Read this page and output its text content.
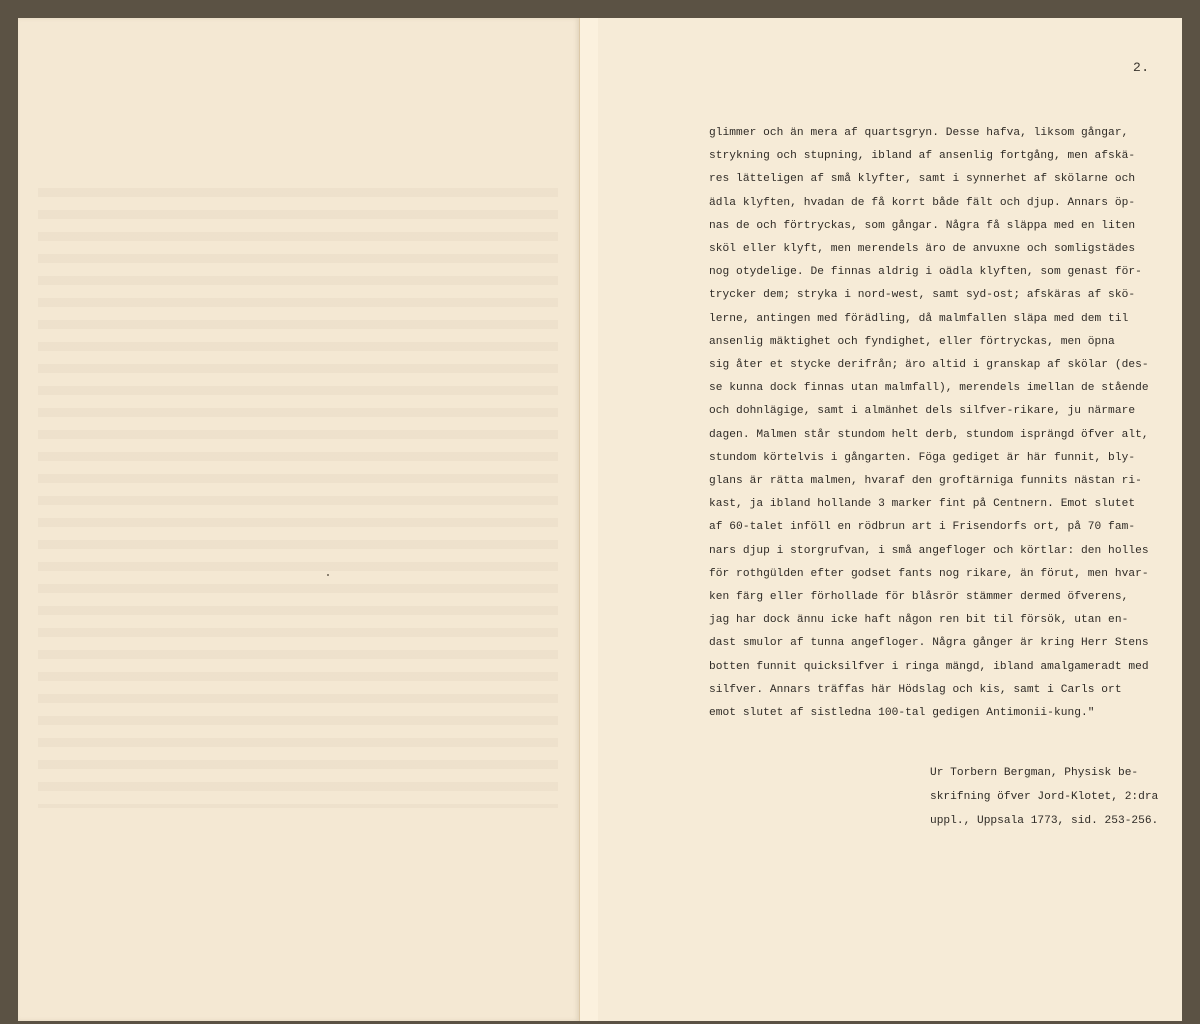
2.
glimmer och än mera af quartsgryn. Desse hafva, liksom gångar,
strykning och stupning, ibland af ansenlig fortgång, men afskä-
res lätteligen af små klyfter, samt i synnerhet af skölarne och
ädla klyften, hvadan de få korrt både fält och djup. Annars öp-
nas de och förtryckas, som gångar. Några få släppa med en liten
sköl eller klyft, men merendels äro de anvuxne och somligstädes
nog otydelige. De finnas aldrig i oädla klyften, som genast för-
trycker dem; stryka i nord-west, samt syd-ost; afskäras af skö-
lerne, antingen med förädling, då malmfallen släpa med dem til
ansenlig mäktighet och fyndighet, eller förtryckas, men öpna
sig åter et stycke derifrån; äro altid i granskap af skölar (des-
se kunna dock finnas utan malmfall), merendels imellan de stående
och dohnlägige, samt i almänhet dels silfver-rikare, ju närmare
dagen. Malmen står stundom helt derb, stundom isprängd öfver alt,
stundom körtelvis i gångarten. Föga gediget är här funnit, bly-
glans är rätta malmen, hvaraf den groftärniga funnits nästan ri-
kast, ja ibland hollande 3 marker fint på Centnern. Emot slutet
af 60-talet inföll en rödbrun art i Frisendorfs ort, på 70 fam-
nars djup i storgrufvan, i små angefloger och körtlar: den holles
för rothgülden efter godset fants nog rikare, än förut, men hvar-
ken färg eller förhollade för blåsrör stämmer dermed öfverens,
jag har dock ännu icke haft någon ren bit til försök, utan en-
dast smulor af tunna angefloger. Några gånger är kring Herr Stens
botten funnit quicksilfver i ringa mängd, ibland amalgameradt med
silfver. Annars träffas här Hödslag och kis, samt i Carls ort
emot slutet af sistledna 100-tal gedigen Antimonii-kung."
Ur Torbern Bergman, Physisk be-
skrifning öfver Jord-Klotet, 2:dra
uppl., Uppsala 1773, sid. 253-256.
